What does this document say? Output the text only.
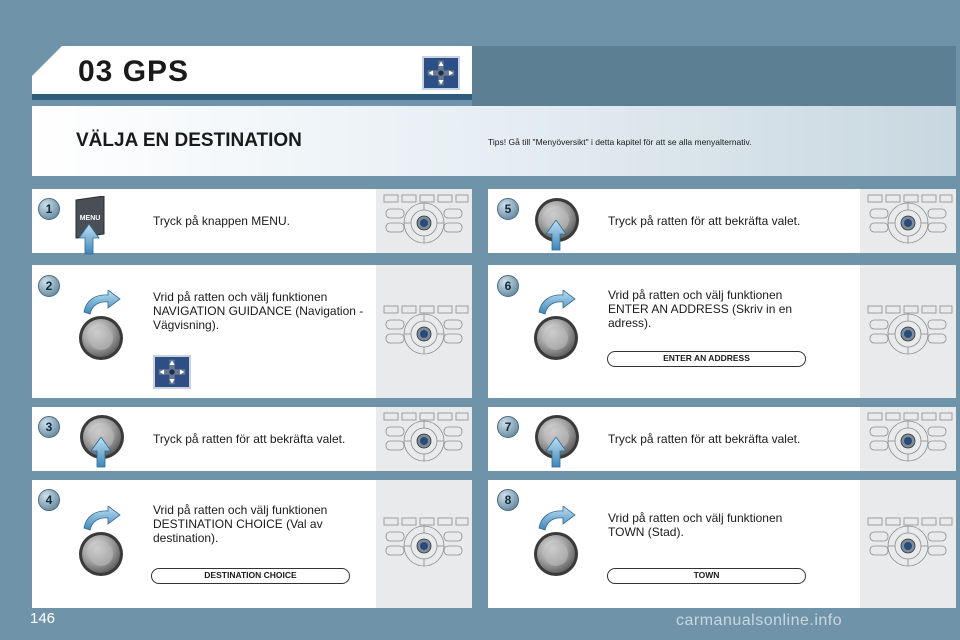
03 GPS
VÄLJA EN DESTINATION	Tips! Gå till "Menyöversikt" i detta kapitel för att se alla menyalternativ.
1
MENU	Tryck på knappen MENU.
2
Vrid på ratten och välj funktionen NAVIGATION GUIDANCE (Navigation - Vägvisning).
3
Tryck på ratten för att bekräfta valet.
4
Vrid på ratten och välj funktionen DESTINATION CHOICE (Val av destination).
DESTINATION CHOICE
5
Tryck på ratten för att bekräfta valet.
6
Vrid på ratten och välj funktionen ENTER AN ADDRESS (Skriv in en adress).
ENTER AN ADDRESS
7
Tryck på ratten för att bekräfta valet.
8
Vrid på ratten och välj funktionen TOWN (Stad).
TOWN
146	carmanualsonline.info
